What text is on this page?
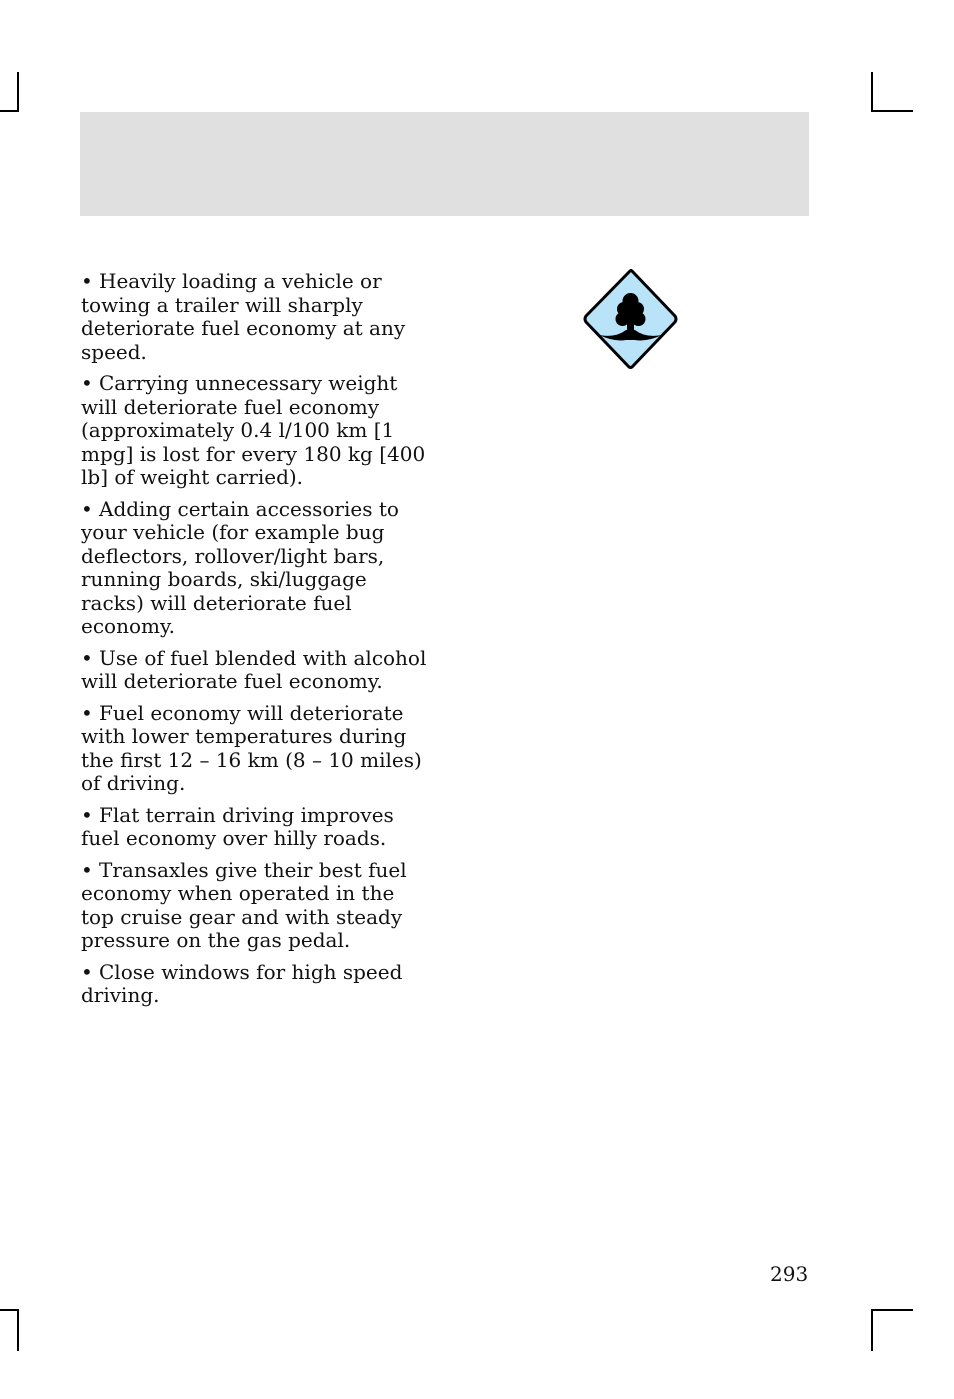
• Heavily loading a vehicle or towing a trailer will sharply deteriorate fuel economy at any speed.

• Carrying unnecessary weight will deteriorate fuel economy (approximately 0.4 l/100 km [1 mpg] is lost for every 180 kg [400 lb] of weight carried).

• Adding certain accessories to your vehicle (for example bug deflectors, rollover/light bars, running boards, ski/luggage racks) will deteriorate fuel economy.

• Use of fuel blended with alcohol will deteriorate fuel economy.

• Fuel economy will deteriorate with lower temperatures during the first 12 – 16 km (8 – 10 miles) of driving.

• Flat terrain driving improves fuel economy over hilly roads.

• Transaxles give their best fuel economy when operated in the top cruise gear and with steady pressure on the gas pedal.

• Close windows for high speed driving.

293
